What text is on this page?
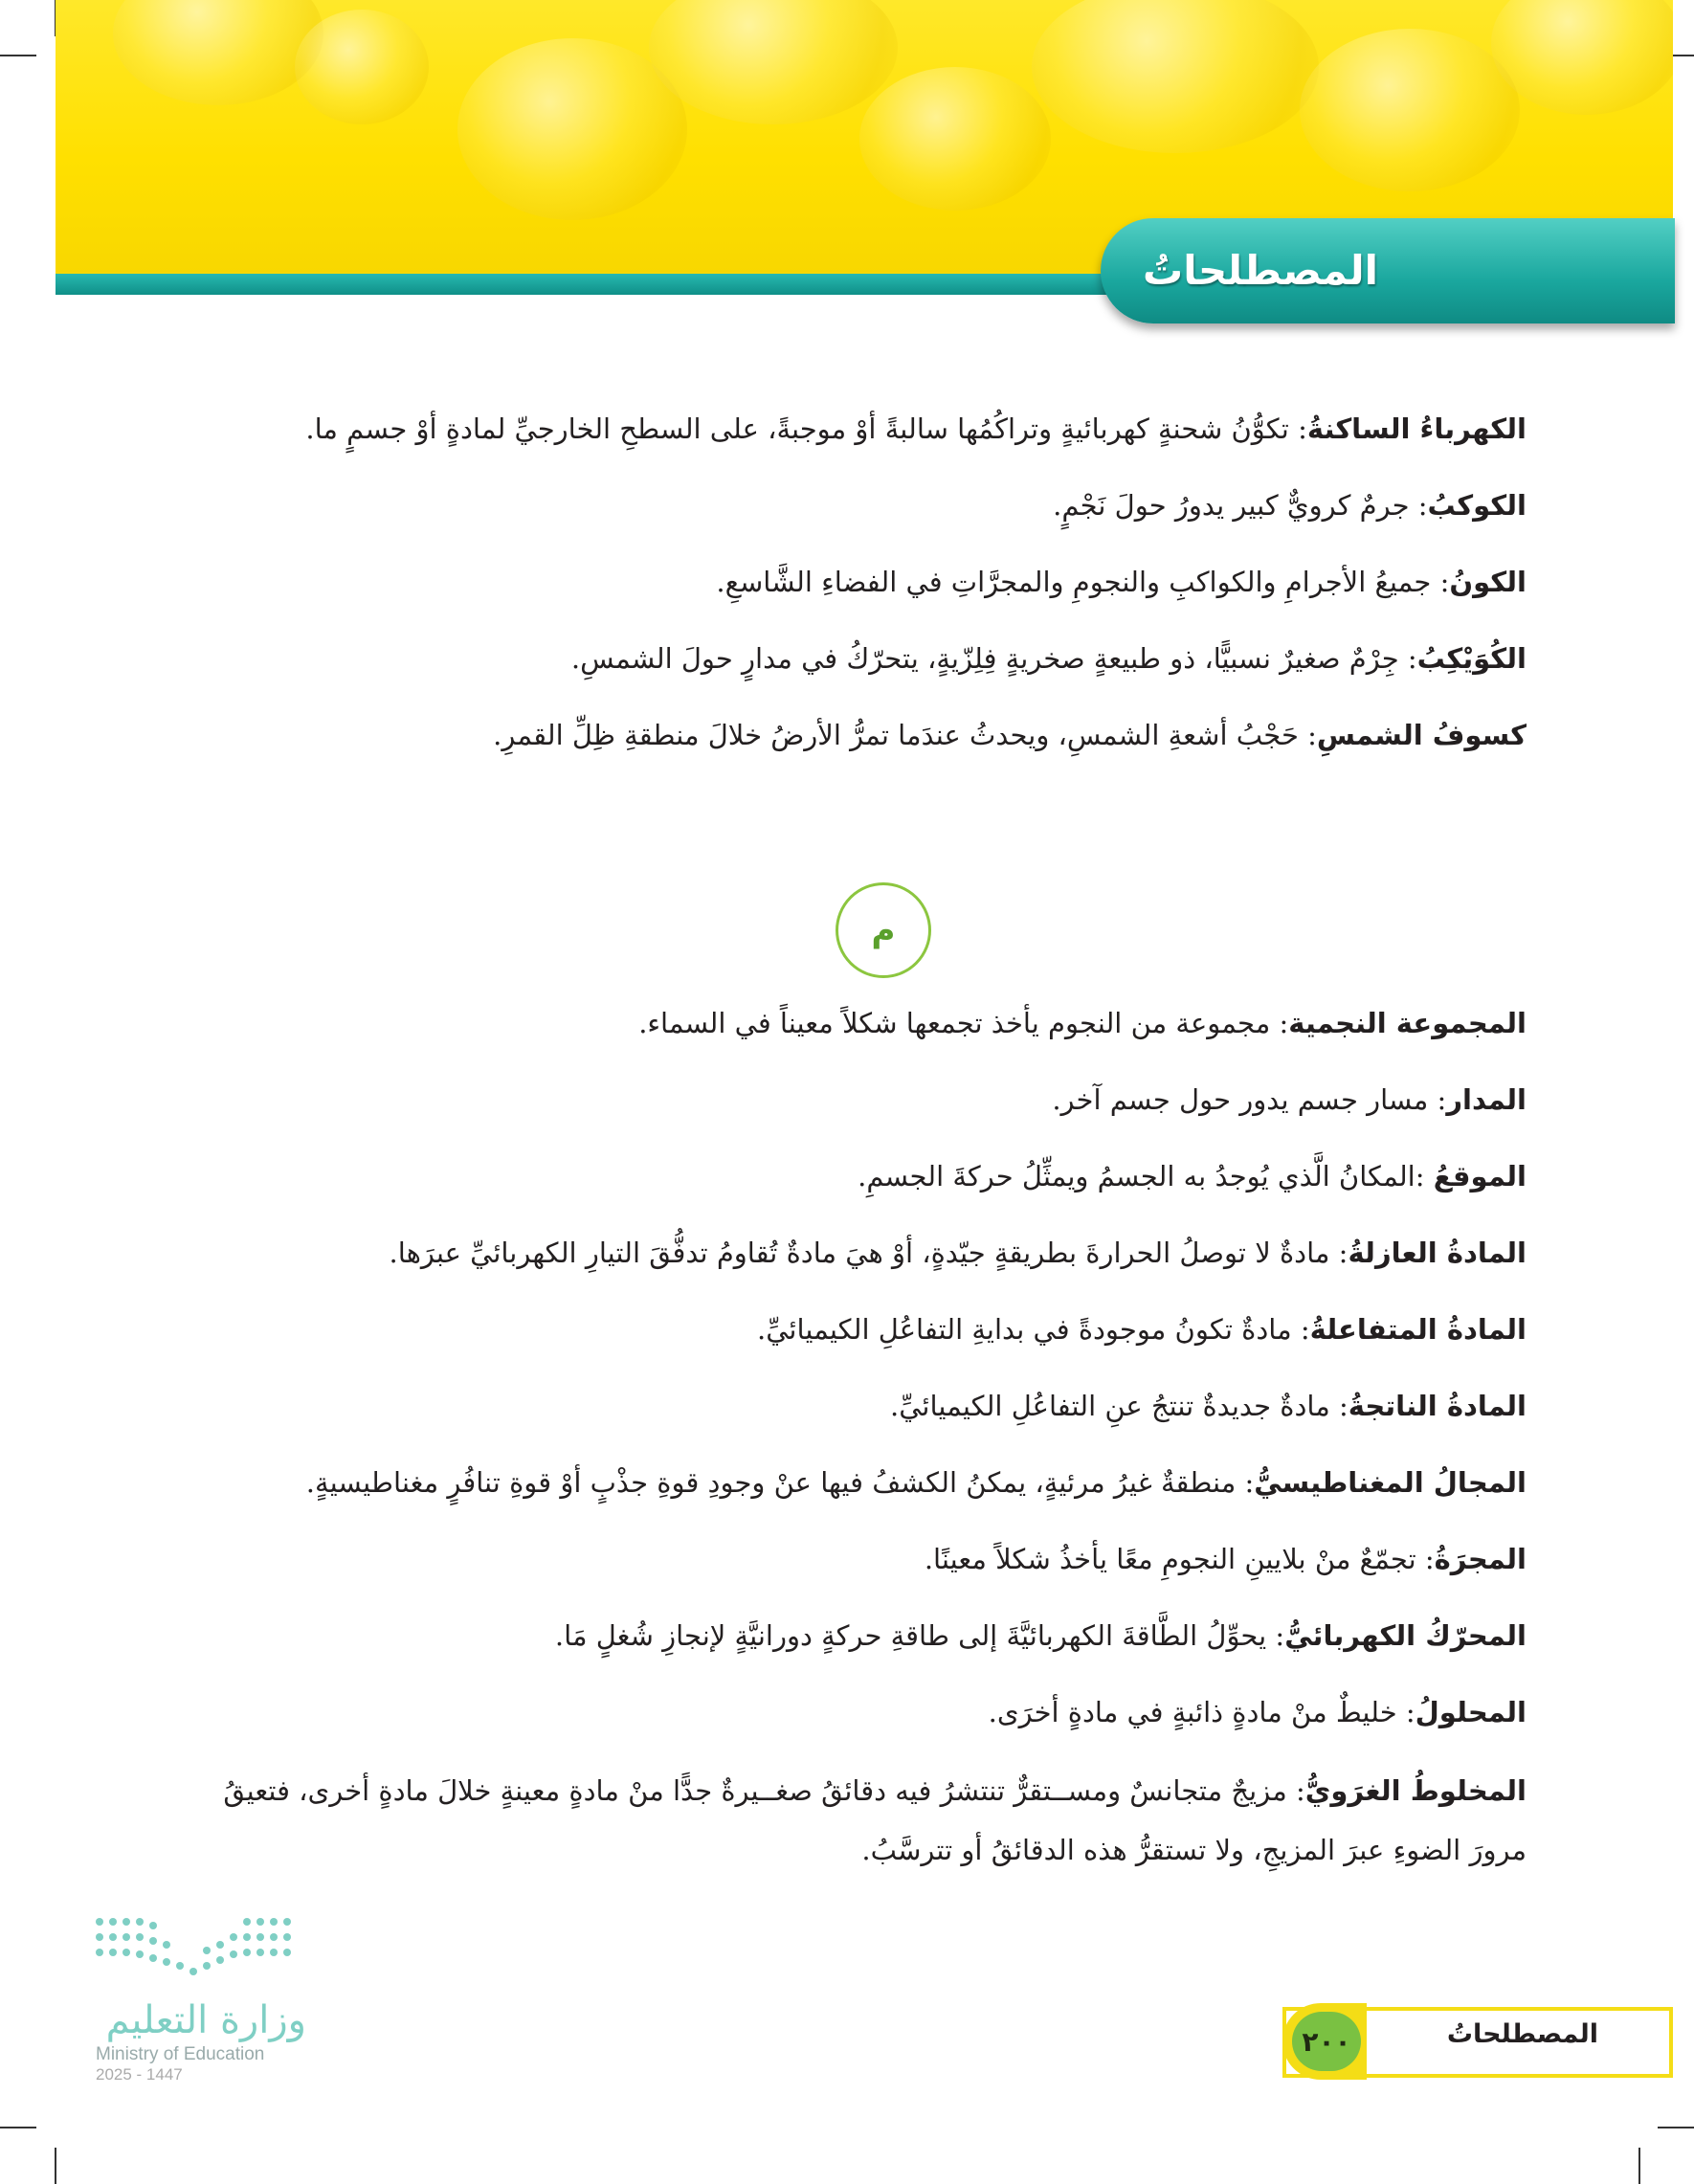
المصطلحاتُ

الكهرباءُ الساكنةُ: تكوُّنُ شحنةٍ كهربائيةٍ وتراكُمُها سالبةً أوْ موجبةً، على السطحِ الخارجيِّ لمادةٍ أوْ جسمٍ ما.

الكوكبُ: جرمٌ كرويٌّ كبير يدورُ حولَ نَجْمٍ.

الكونُ: جميعُ الأجرامِ والكواكبِ والنجومِ والمجرَّاتِ في الفضاءِ الشَّاسعِ.

الكُوَيْكِبُ: جِرْمٌ صغيرٌ نسبيًّا، ذو طبيعةٍ صخريةٍ فِلِزّيةٍ، يتحرّكُ في مدارٍ حولَ الشمسِ.

كسوفُ الشمسِ: حَجْبُ أشعةِ الشمسِ، ويحدثُ عندَما تمرُّ الأرضُ خلالَ منطقةِ ظِلِّ القمرِ.

م

المجموعة النجمية: مجموعة من النجوم يأخذ تجمعها شكلاً معيناً في السماء.

المدار: مسار جسم يدور حول جسم آخر.

الموقعُ :المكانُ الَّذي يُوجدُ به الجسمُ ويمثِّلُ حركةَ الجسمِ.

المادةُ العازلةُ: مادةٌ لا توصلُ الحرارةَ بطريقةٍ جيّدةٍ، أوْ هيَ مادةٌ تُقاومُ تدفُّقَ التيارِ الكهربائيِّ عبرَها.

المادةُ المتفاعلةُ: مادةٌ تكونُ موجودةً في بدايةِ التفاعُلِ الكيميائيِّ.

المادةُ الناتجةُ: مادةٌ جديدةٌ تنتجُ عنِ التفاعُلِ الكيميائيِّ.

المجالُ المغناطيسيُّ: منطقةٌ غيرُ مرئيةٍ، يمكنُ الكشفُ فيها عنْ وجودِ قوةِ جذْبٍ أوْ قوةِ تنافُرٍ مغناطيسيةٍ.

المجرَةُ: تجمّعٌ منْ بلايينِ النجومِ معًا يأخذُ شكلاً معينًا.

المحرّكُ الكهربائيُّ: يحوِّلُ الطَّاقةَ الكهربائيَّةَ إلى طاقةِ حركةٍ دورانيَّةٍ لإنجازِ شُغلٍ مَا.

المحلولُ: خليطٌ منْ مادةٍ ذائبةٍ في مادةٍ أخرَى.

المخلوطُ الغرَويُّ: مزيجٌ متجانسٌ ومســتقرٌّ تنتشرُ فيه دقائقُ صغــيرةٌ جدًّا منْ مادةٍ معينةٍ خلالَ مادةٍ أخرى، فتعيقُ مرورَ الضوءِ عبرَ المزيجِ، ولا تستقرُّ هذه الدقائقُ أو تترسَّبُ.

وزارة التعليم
Ministry of Education
2025 - 1447
٢٠٠	المصطلحاتُ
